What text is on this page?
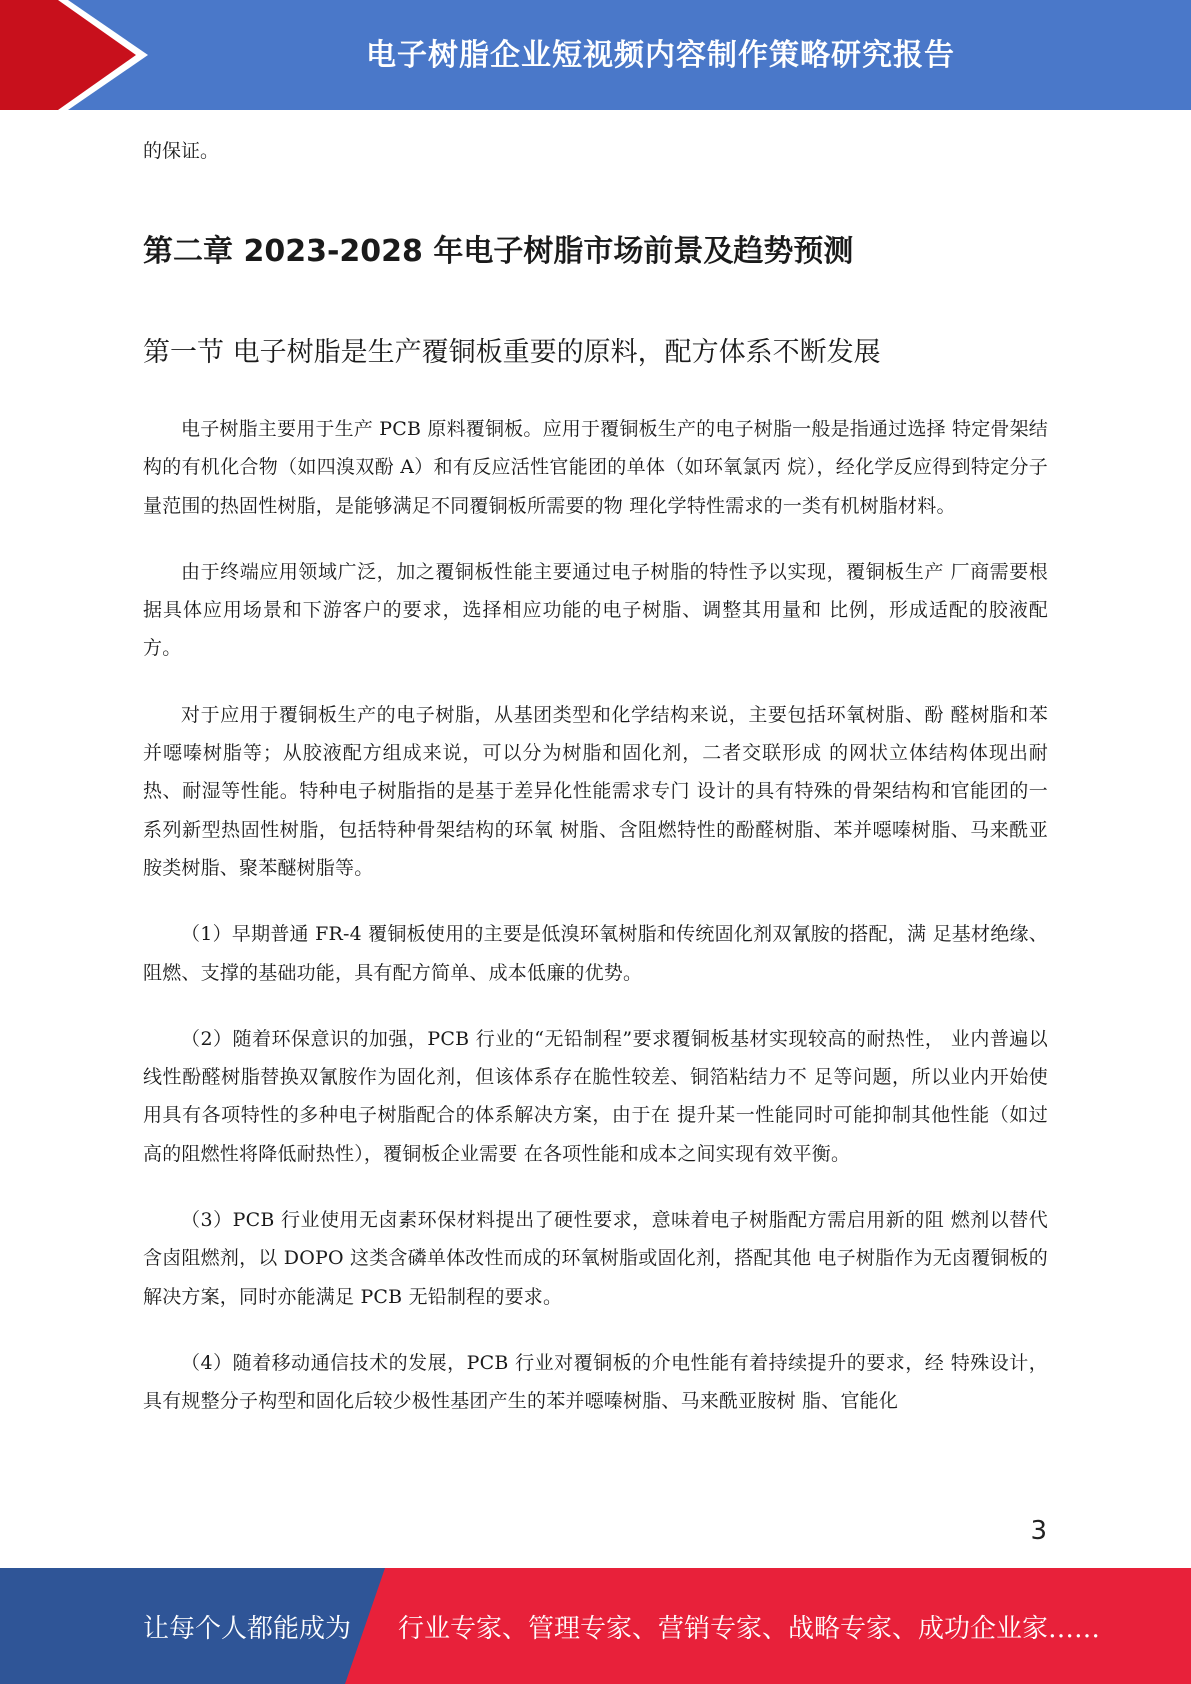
电子树脂企业短视频内容制作策略研究报告

的保证。

第二章 2023-2028 年电子树脂市场前景及趋势预测
第一节 电子树脂是生产覆铜板重要的原料，配方体系不断发展

电子树脂主要用于生产 PCB 原料覆铜板。应用于覆铜板生产的电子树脂一般是指通过选择 特定骨架结构的有机化合物（如四溴双酚 A）和有反应活性官能团的单体（如环氧氯丙 烷），经化学反应得到特定分子量范围的热固性树脂，是能够满足不同覆铜板所需要的物 理化学特性需求的一类有机树脂材料。

由于终端应用领域广泛，加之覆铜板性能主要通过电子树脂的特性予以实现，覆铜板生产 厂商需要根据具体应用场景和下游客户的要求，选择相应功能的电子树脂、调整其用量和 比例，形成适配的胶液配方。

对于应用于覆铜板生产的电子树脂，从基团类型和化学结构来说，主要包括环氧树脂、酚 醛树脂和苯并噁嗪树脂等；从胶液配方组成来说，可以分为树脂和固化剂，二者交联形成 的网状立体结构体现出耐热、耐湿等性能。特种电子树脂指的是基于差异化性能需求专门 设计的具有特殊的骨架结构和官能团的一系列新型热固性树脂，包括特种骨架结构的环氧 树脂、含阻燃特性的酚醛树脂、苯并噁嗪树脂、马来酰亚胺类树脂、聚苯醚树脂等。

（1）早期普通 FR-4 覆铜板使用的主要是低溴环氧树脂和传统固化剂双氰胺的搭配，满 足基材绝缘、阻燃、支撑的基础功能，具有配方简单、成本低廉的优势。

（2）随着环保意识的加强，PCB 行业的“无铅制程”要求覆铜板基材实现较高的耐热性， 业内普遍以线性酚醛树脂替换双氰胺作为固化剂，但该体系存在脆性较差、铜箔粘结力不 足等问题，所以业内开始使用具有各项特性的多种电子树脂配合的体系解决方案，由于在 提升某一性能同时可能抑制其他性能（如过高的阻燃性将降低耐热性），覆铜板企业需要 在各项性能和成本之间实现有效平衡。

（3）PCB 行业使用无卤素环保材料提出了硬性要求，意味着电子树脂配方需启用新的阻 燃剂以替代含卤阻燃剂，以 DOPO 这类含磷单体改性而成的环氧树脂或固化剂，搭配其他 电子树脂作为无卤覆铜板的解决方案，同时亦能满足 PCB 无铅制程的要求。

（4）随着移动通信技术的发展，PCB 行业对覆铜板的介电性能有着持续提升的要求，经 特殊设计，具有规整分子构型和固化后较少极性基团产生的苯并噁嗪树脂、马来酰亚胺树 脂、官能化

3
让每个人都能成为 行业专家、管理专家、营销专家、战略专家、成功企业家……
